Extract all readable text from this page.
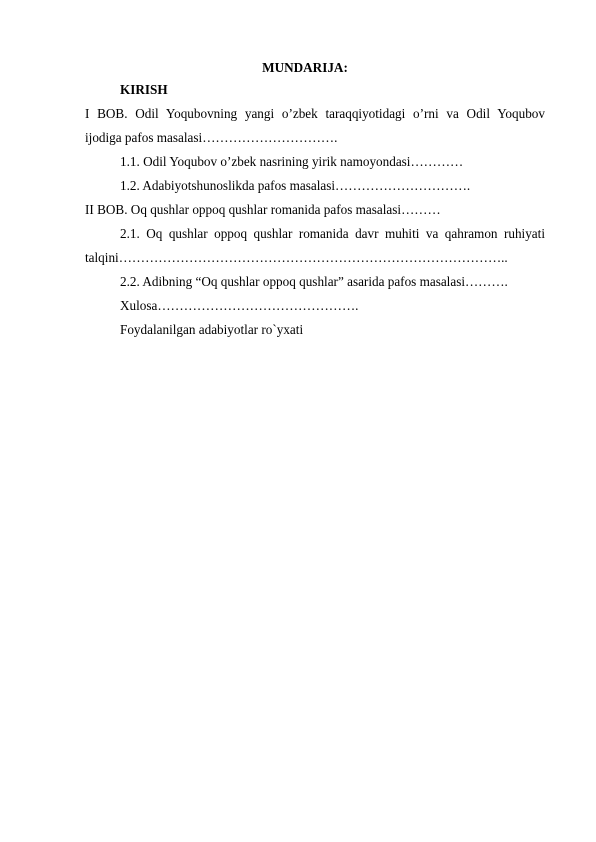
MUNDARIJA:
KIRISH
I BOB. Odil Yoqubovning yangi o’zbek taraqqiyotidagi o’rni va Odil Yoqubov
ijodiga pafos masalasi………………………….
1.1. Odil Yoqubov o’zbek nasrining yirik namoyondasi…………
1.2. Adabiyotshunoslikda pafos masalasi………………………….
II BOB. Oq qushlar oppoq qushlar romanida pafos masalasi………
2.1. Oq qushlar oppoq qushlar romanida davr muhiti va qahramon ruhiyati
talqini……………………………………………………………………………..
2.2. Adibning “Oq qushlar oppoq qushlar” asarida pafos masalasi……….
Xulosa……………………………………….
Foydalanilgan adabiyotlar ro`yxati
